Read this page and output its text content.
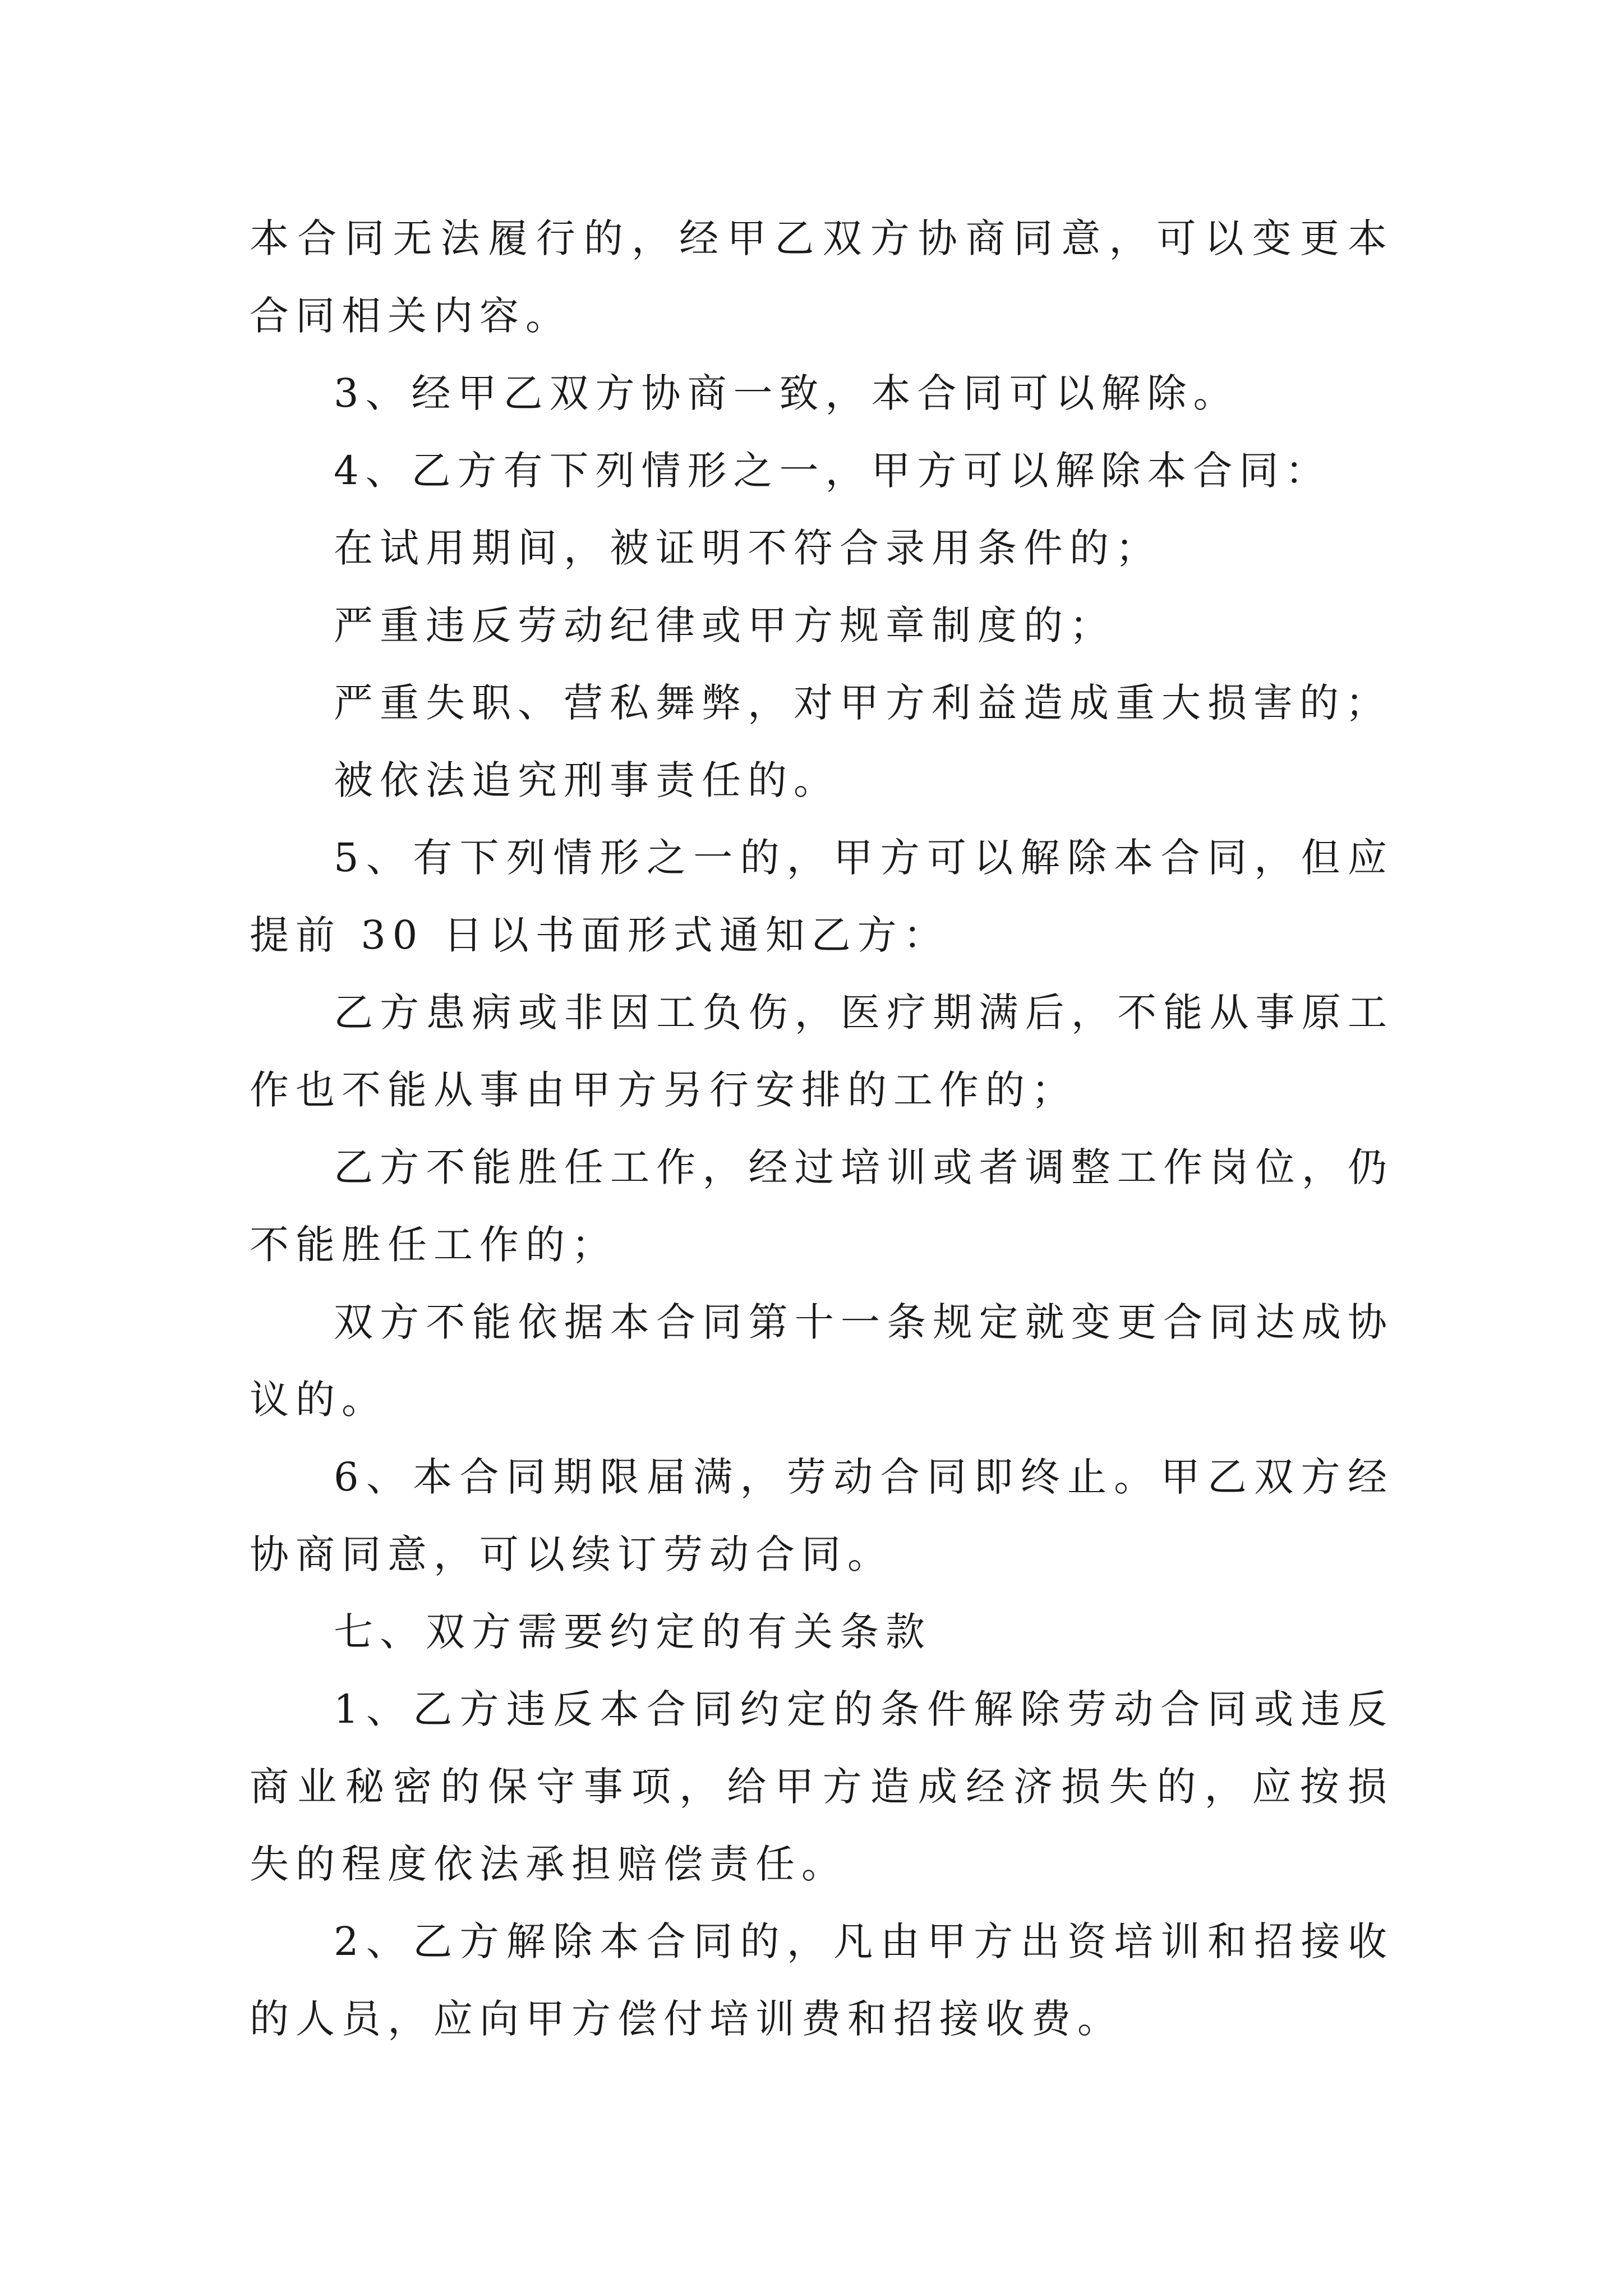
本合同无法履行的，经甲乙双方协商同意，可以变更本合同相关内容。

3、经甲乙双方协商一致，本合同可以解除。

4、乙方有下列情形之一，甲方可以解除本合同：

在试用期间，被证明不符合录用条件的；

严重违反劳动纪律或甲方规章制度的；

严重失职、营私舞弊，对甲方利益造成重大损害的；

被依法追究刑事责任的。

5、有下列情形之一的，甲方可以解除本合同，但应提前 30 日以书面形式通知乙方：

乙方患病或非因工负伤，医疗期满后，不能从事原工作也不能从事由甲方另行安排的工作的；

乙方不能胜任工作，经过培训或者调整工作岗位，仍不能胜任工作的；

双方不能依据本合同第十一条规定就变更合同达成协议的。

6、本合同期限届满，劳动合同即终止。甲乙双方经协商同意，可以续订劳动合同。

七、双方需要约定的有关条款

1、乙方违反本合同约定的条件解除劳动合同或违反商业秘密的保守事项，给甲方造成经济损失的，应按损失的程度依法承担赔偿责任。

2、乙方解除本合同的，凡由甲方出资培训和招接收的人员，应向甲方偿付培训费和招接收费。
